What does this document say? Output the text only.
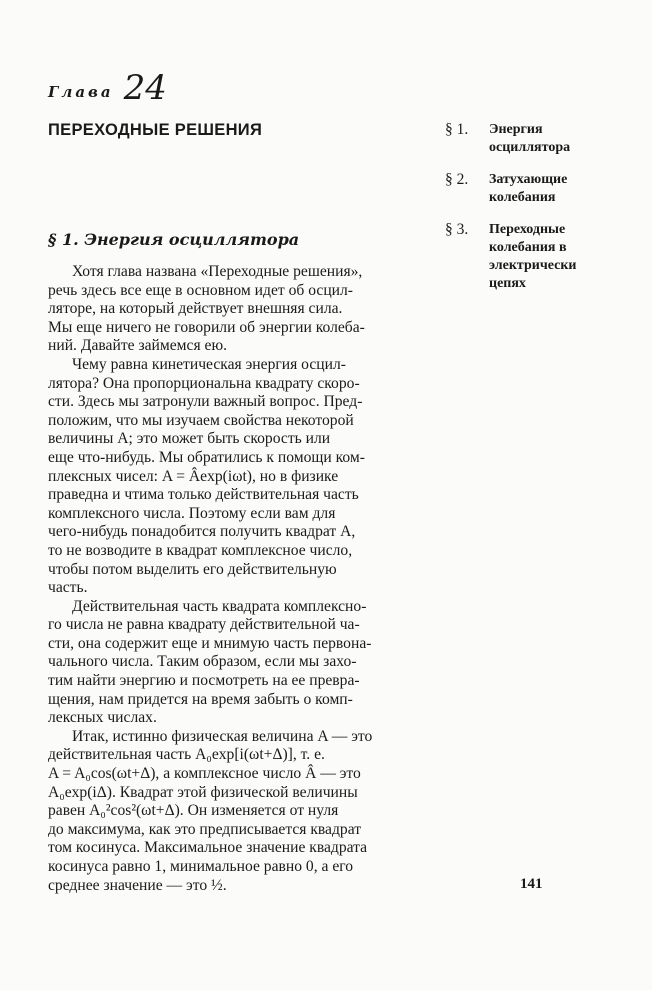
Глава 24
ПЕРЕХОДНЫЕ РЕШЕНИЯ	§ 1.	Энергия
осциллятора
§ 2.	Затухающие
колебания
§ 3.	Переходные
колебания в
электрически
цепях
§ 1. Энергия осциллятора

Хотя глава названа «Переходные решения»,
речь здесь все еще в основном идет об осцил-
ляторе, на который действует внешняя сила.
Мы еще ничего не говорили об энергии колеба-
ний. Давайте займемся ею.

Чему равна кинетическая энергия осцил-
лятора? Она пропорциональна квадрату скоро-
сти. Здесь мы затронули важный вопрос. Пред-
положим, что мы изучаем свойства некоторой
величины A; это может быть скорость или
еще что-нибудь. Мы обратились к помощи ком-
плексных чисел: A = Âexp(iωt), но в физике
праведна и чтима только действительная часть
комплексного числа. Поэтому если вам для
чего-нибудь понадобится получить квадрат A,
то не возводите в квадрат комплексное число,
чтобы потом выделить его действительную
часть.

Действительная часть квадрата комплексно-
го числа не равна квадрату действительной ча-
сти, она содержит еще и мнимую часть первона-
чального числа. Таким образом, если мы захо-
тим найти энергию и посмотреть на ее превра-
щения, нам придется на время забыть о комп-
лексных числах.

Итак, истинно физическая величина A — это
действительная часть A₀exp[i(ωt+Δ)], т. е.
A = A₀cos(ωt+Δ), а комплексное число Â — это
A₀exp(iΔ). Квадрат этой физической величины
равен A₀²cos²(ωt+Δ). Он изменяется от нуля
до максимума, как это предписывается квадрат
том косинуса. Максимальное значение квадрата
косинуса равно 1, минимальное равно 0, а его
среднее значение — это ½.	141
